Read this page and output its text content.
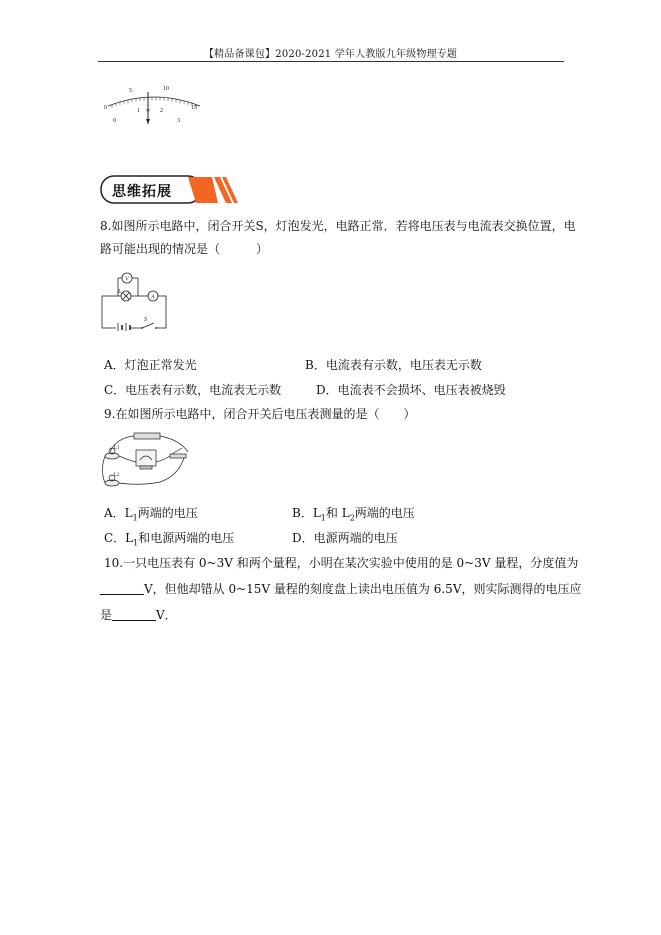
【精品备课包】2020-2021 学年人教版九年级物理专题
5	10
15
0
0
1	2
3
V
思维拓展
8.如图所示电路中，闭合开关S，灯泡发光，电路正常．若将电压表与电流表交换位置，电
路可能出现的情况是（　　　）
V
A
L
S
A．灯泡正常发光	B．电流表有示数，电压表无示数
C．电压表有示数，电流表无示数	D．电流表不会损坏、电压表被烧毁
9.在如图所示电路中，闭合开关后电压表测量的是（　　）
L1
L2
A．$L_1$两端的电压	B．$L_1$和 $L_2$两端的电压
C．$L_1$和电源两端的电压	D．电源两端的电压
10.一只电压表有 0~3V 和两个量程，小明在某次实验中使用的是 0~3V 量程，分度值为
V，但他却错从 0~15V 量程的刻度盘上读出电压值为 6.5V，则实际测得的电压应
是	V．
